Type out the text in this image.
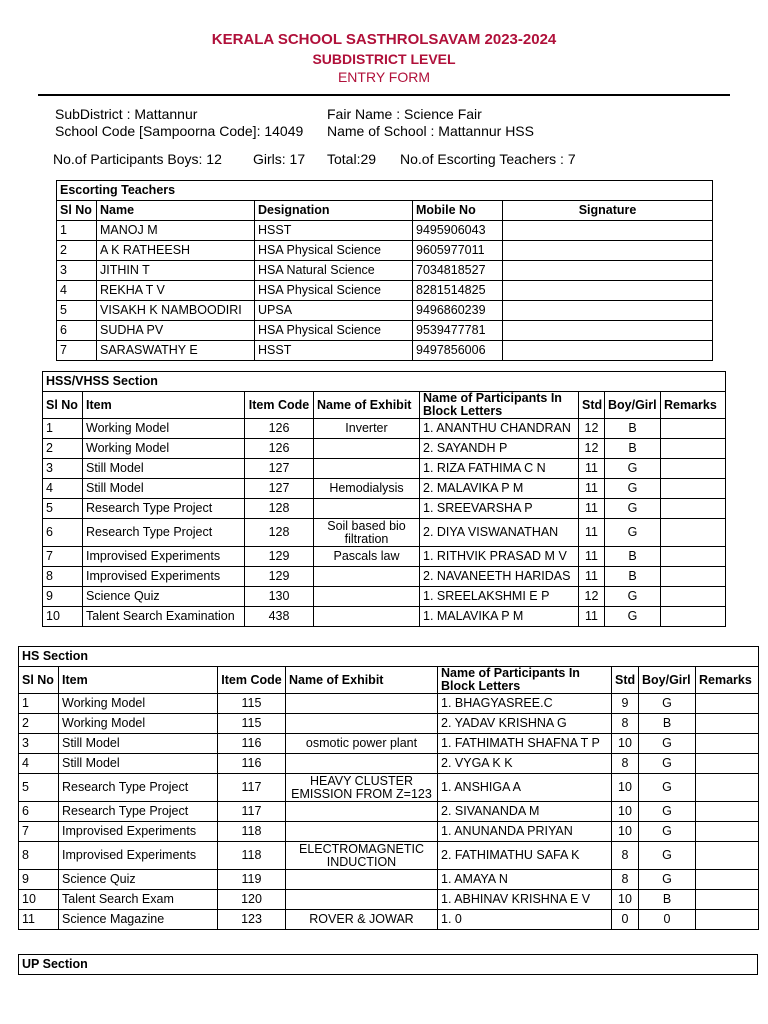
KERALA SCHOOL SASTHROLSAVAM 2023-2024
SUBDISTRICT LEVEL
ENTRY FORM
SubDistrict : Mattannur	Fair Name : Science Fair
School Code [Sampoorna Code]: 14049 Name of School : Mattannur HSS
No.of Participants Boys: 12 Girls: 17 Total:29 No.of Escorting Teachers : 7
Escorting Teachers				
Sl No	Name	Designation	Mobile No	Signature
1	MANOJ M	HSST	9495906043	
2	A K RATHEESH	HSA Physical Science	9605977011	
3	JITHIN T	HSA Natural Science	7034818527	
4	REKHA T V	HSA Physical Science	8281514825	
5	VISAKH K NAMBOODIRI	UPSA	9496860239	
6	SUDHA PV	HSA Physical Science	9539477781	
7	SARASWATHY E	HSST	9497856006	
HSS/VHSS Section							
Sl No	Item	Item Code	Name of Exhibit	Name of Participants In Block Letters	Std	Boy/Girl	Remarks
1	Working Model	126	Inverter	1. ANANTHU CHANDRAN	12	B	
2	Working Model	126		2. SAYANDH P	12	B	
3	Still Model	127		1. RIZA FATHIMA C N	11	G	
4	Still Model	127	Hemodialysis	2. MALAVIKA P M	11	G	
5	Research Type Project	128		1. SREEVARSHA P	11	G	
6	Research Type Project	128	Soil based bio filtration	2. DIYA VISWANATHAN	11	G	
7	Improvised Experiments	129	Pascals law	1. RITHVIK PRASAD M V	11	B	
8	Improvised Experiments	129		2. NAVANEETH HARIDAS	11	B	
9	Science Quiz	130		1. SREELAKSHMI E P	12	G	
10	Talent Search Examination	438		1. MALAVIKA P M	11	G	
HS Section							
Sl No	Item	Item Code	Name of Exhibit	Name of Participants In Block Letters	Std	Boy/Girl	Remarks
1	Working Model	115		1. BHAGYASREE.C	9	G	
2	Working Model	115		2. YADAV KRISHNA G	8	B	
3	Still Model	116	osmotic power plant	1. FATHIMATH SHAFNA T P	10	G	
4	Still Model	116		2. VYGA K K	8	G	
5	Research Type Project	117	HEAVY CLUSTER EMISSION FROM Z=123	1. ANSHIGA A	10	G	
6	Research Type Project	117		2. SIVANANDA M	10	G	
7	Improvised Experiments	118		1. ANUNANDA PRIYAN	10	G	
8	Improvised Experiments	118	ELECTROMAGNETIC INDUCTION	2. FATHIMATHU SAFA K	8	G	
9	Science Quiz	119		1. AMAYA N	8	G	
10	Talent Search Exam	120		1. ABHINAV KRISHNA E V	10	B	
11	Science Magazine	123	ROVER & JOWAR	1. 0	0	0	
UP Section
